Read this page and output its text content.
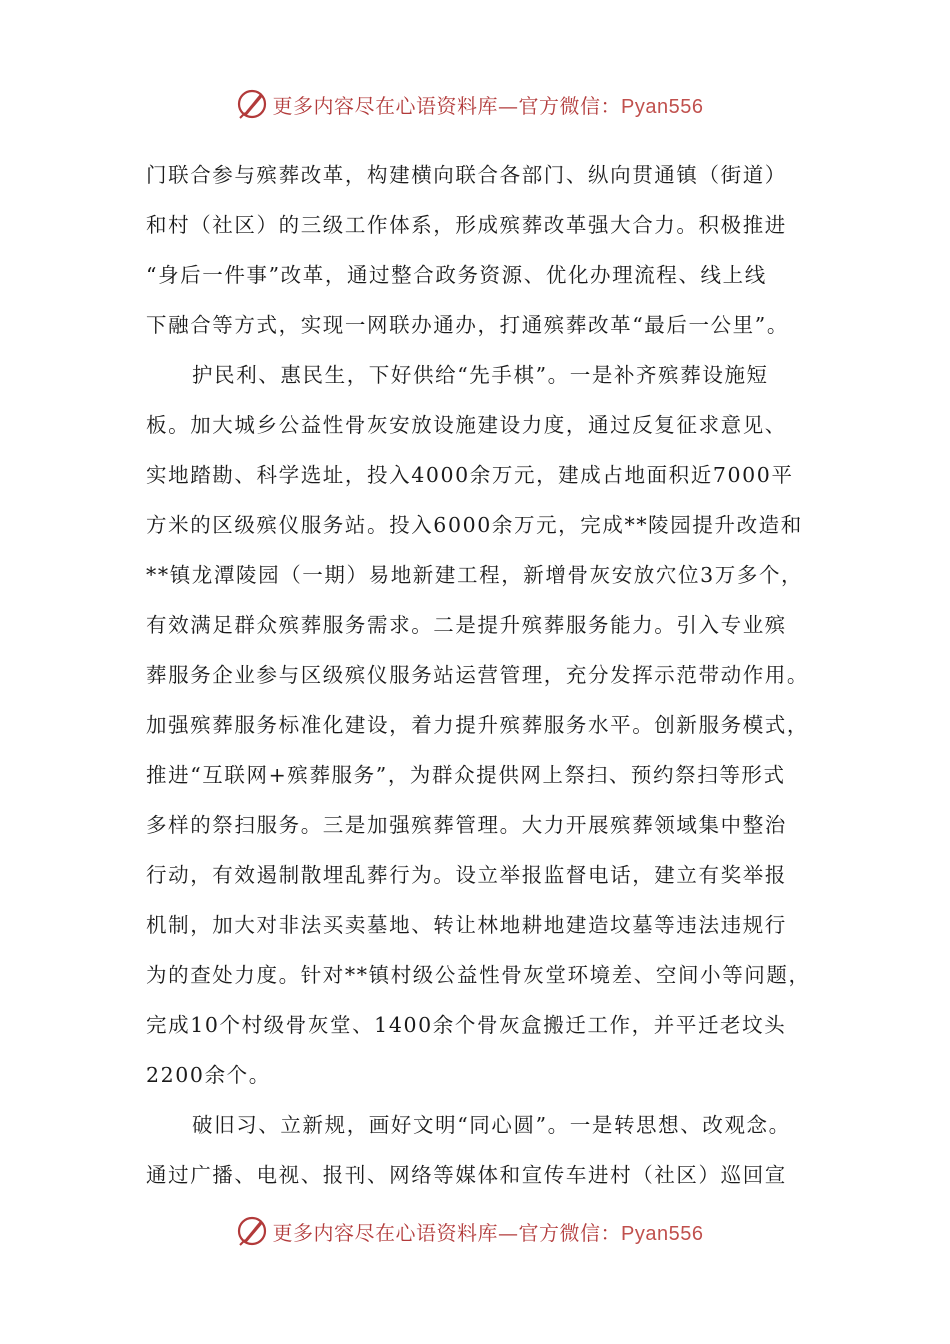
更多内容尽在心语资料库—官方微信：Pyan556
门联合参与殡葬改革，构建横向联合各部门、纵向贯通镇（街道）
和村（社区）的三级工作体系，形成殡葬改革强大合力。积极推进
“身后一件事”改革，通过整合政务资源、优化办理流程、线上线
下融合等方式，实现一网联办通办，打通殡葬改革“最后一公里”。
护民利、惠民生，下好供给“先手棋”。一是补齐殡葬设施短
板。加大城乡公益性骨灰安放设施建设力度，通过反复征求意见、
实地踏勘、科学选址，投入4000余万元，建成占地面积近7000平
方米的区级殡仪服务站。投入6000余万元，完成**陵园提升改造和
**镇龙潭陵园（一期）易地新建工程，新增骨灰安放穴位3万多个，
有效满足群众殡葬服务需求。二是提升殡葬服务能力。引入专业殡
葬服务企业参与区级殡仪服务站运营管理，充分发挥示范带动作用。
加强殡葬服务标准化建设，着力提升殡葬服务水平。创新服务模式，
推进“互联网+殡葬服务”，为群众提供网上祭扫、预约祭扫等形式
多样的祭扫服务。三是加强殡葬管理。大力开展殡葬领域集中整治
行动，有效遏制散埋乱葬行为。设立举报监督电话，建立有奖举报
机制，加大对非法买卖墓地、转让林地耕地建造坟墓等违法违规行
为的查处力度。针对**镇村级公益性骨灰堂环境差、空间小等问题，
完成10个村级骨灰堂、1400余个骨灰盒搬迁工作，并平迁老坟头
2200余个。
破旧习、立新规，画好文明“同心圆”。一是转思想、改观念。
通过广播、电视、报刊、网络等媒体和宣传车进村（社区）巡回宣
更多内容尽在心语资料库—官方微信：Pyan556
